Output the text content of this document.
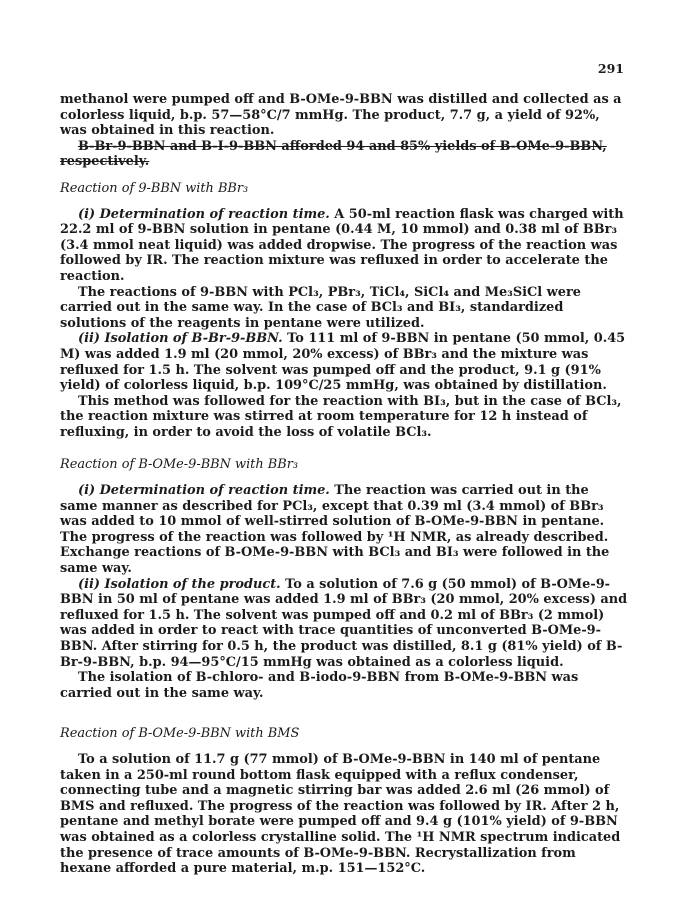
291

methanol were pumped off and B-OMe-9-BBN was distilled and collected as a colorless liquid, b.p. 57—58°C/7 mmHg. The product, 7.7 g, a yield of 92%, was obtained in this reaction.

B-Br-9-BBN and B-I-9-BBN afforded 94 and 85% yields of B-OMe-9-BBN, respectively.

Reaction of 9-BBN with BBr₃

(i) Determination of reaction time. A 50-ml reaction flask was charged with 22.2 ml of 9-BBN solution in pentane (0.44 M, 10 mmol) and 0.38 ml of BBr₃ (3.4 mmol neat liquid) was added dropwise. The progress of the reaction was followed by IR. The reaction mixture was refluxed in order to accelerate the reaction.

The reactions of 9-BBN with PCl₃, PBr₃, TiCl₄, SiCl₄ and Me₃SiCl were carried out in the same way. In the case of BCl₃ and BI₃, standardized solutions of the reagents in pentane were utilized.

(ii) Isolation of B-Br-9-BBN. To 111 ml of 9-BBN in pentane (50 mmol, 0.45 M) was added 1.9 ml (20 mmol, 20% excess) of BBr₃ and the mixture was refluxed for 1.5 h. The solvent was pumped off and the product, 9.1 g (91% yield) of colorless liquid, b.p. 109°C/25 mmHg, was obtained by distillation.

This method was followed for the reaction with BI₃, but in the case of BCl₃, the reaction mixture was stirred at room temperature for 12 h instead of refluxing, in order to avoid the loss of volatile BCl₃.

Reaction of B-OMe-9-BBN with BBr₃

(i) Determination of reaction time. The reaction was carried out in the same manner as described for PCl₃, except that 0.39 ml (3.4 mmol) of BBr₃ was added to 10 mmol of well-stirred solution of B-OMe-9-BBN in pentane. The progress of the reaction was followed by ¹H NMR, as already described. Exchange reactions of B-OMe-9-BBN with BCl₃ and BI₃ were followed in the same way.

(ii) Isolation of the product. To a solution of 7.6 g (50 mmol) of B-OMe-9-BBN in 50 ml of pentane was added 1.9 ml of BBr₃ (20 mmol, 20% excess) and refluxed for 1.5 h. The solvent was pumped off and 0.2 ml of BBr₃ (2 mmol) was added in order to react with trace quantities of unconverted B-OMe-9-BBN. After stirring for 0.5 h, the product was distilled, 8.1 g (81% yield) of B-Br-9-BBN, b.p. 94—95°C/15 mmHg was obtained as a colorless liquid.

The isolation of B-chloro- and B-iodo-9-BBN from B-OMe-9-BBN was carried out in the same way.

Reaction of B-OMe-9-BBN with BMS

To a solution of 11.7 g (77 mmol) of B-OMe-9-BBN in 140 ml of pentane taken in a 250-ml round bottom flask equipped with a reflux condenser, connecting tube and a magnetic stirring bar was added 2.6 ml (26 mmol) of BMS and refluxed. The progress of the reaction was followed by IR. After 2 h, pentane and methyl borate were pumped off and 9.4 g (101% yield) of 9-BBN was obtained as a colorless crystalline solid. The ¹H NMR spectrum indicated the presence of trace amounts of B-OMe-9-BBN. Recrystallization from hexane afforded a pure material, m.p. 151—152°C.
